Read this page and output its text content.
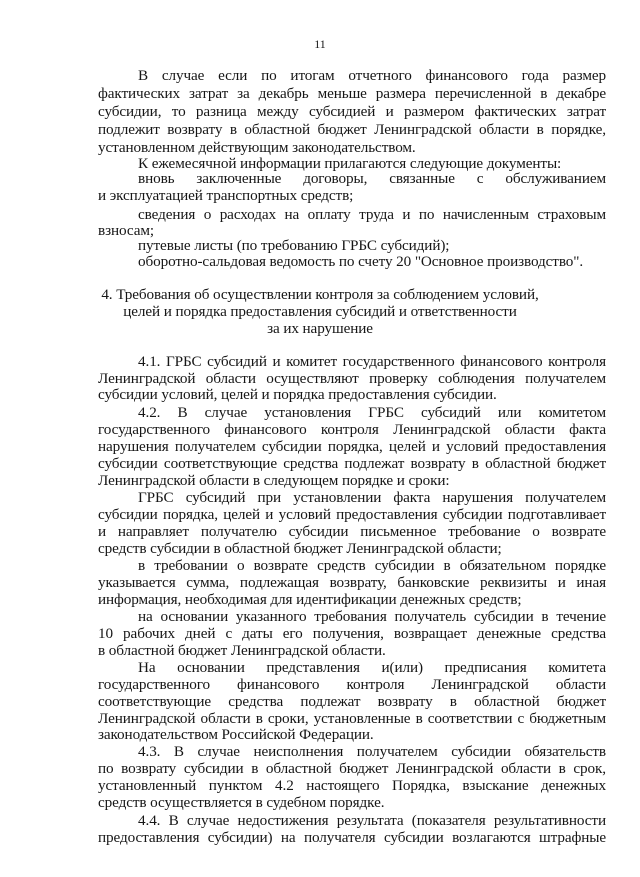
11
В случае если по итогам отчетного финансового года размер
фактических затрат за декабрь меньше размера перечисленной в декабре
субсидии, то разница между субсидией и размером фактических затрат
подлежит возврату в областной бюджет Ленинградской области в порядке,
установленном действующим законодательством.
К ежемесячной информации прилагаются следующие документы:
вновь заключенные договоры, связанные с обслуживанием
и эксплуатацией транспортных средств;
сведения о расходах на оплату труда и по начисленным страховым
взносам;
путевые листы (по требованию ГРБС субсидий);
оборотно-сальдовая ведомость по счету 20 "Основное производство".
4. Требования об осуществлении контроля за соблюдением условий,
целей и порядка предоставления субсидий и ответственности
за их нарушение
4.1. ГРБС субсидий и комитет государственного финансового контроля
Ленинградской области осуществляют проверку соблюдения получателем
субсидии условий, целей и порядка предоставления субсидии.
4.2. В случае установления ГРБС субсидий или комитетом
государственного финансового контроля Ленинградской области факта
нарушения получателем субсидии порядка, целей и условий предоставления
субсидии соответствующие средства подлежат возврату в областной бюджет
Ленинградской области в следующем порядке и сроки:
ГРБС субсидий при установлении факта нарушения получателем
субсидии порядка, целей и условий предоставления субсидии подготавливает
и направляет получателю субсидии письменное требование о возврате
средств субсидии в областной бюджет Ленинградской области;
в требовании о возврате средств субсидии в обязательном порядке
указывается сумма, подлежащая возврату, банковские реквизиты и иная
информация, необходимая для идентификации денежных средств;
на основании указанного требования получатель субсидии в течение
10 рабочих дней с даты его получения, возвращает денежные средства
в областной бюджет Ленинградской области.
На основании представления и(или) предписания комитета
государственного финансового контроля Ленинградской области
соответствующие средства подлежат возврату в областной бюджет
Ленинградской области в сроки, установленные в соответствии с бюджетным
законодательством Российской Федерации.
4.3. В случае неисполнения получателем субсидии обязательств
по возврату субсидии в областной бюджет Ленинградской области в срок,
установленный пунктом 4.2 настоящего Порядка, взыскание денежных
средств осуществляется в судебном порядке.
4.4. В случае недостижения результата (показателя результативности
предоставления субсидии) на получателя субсидии возлагаются штрафные
